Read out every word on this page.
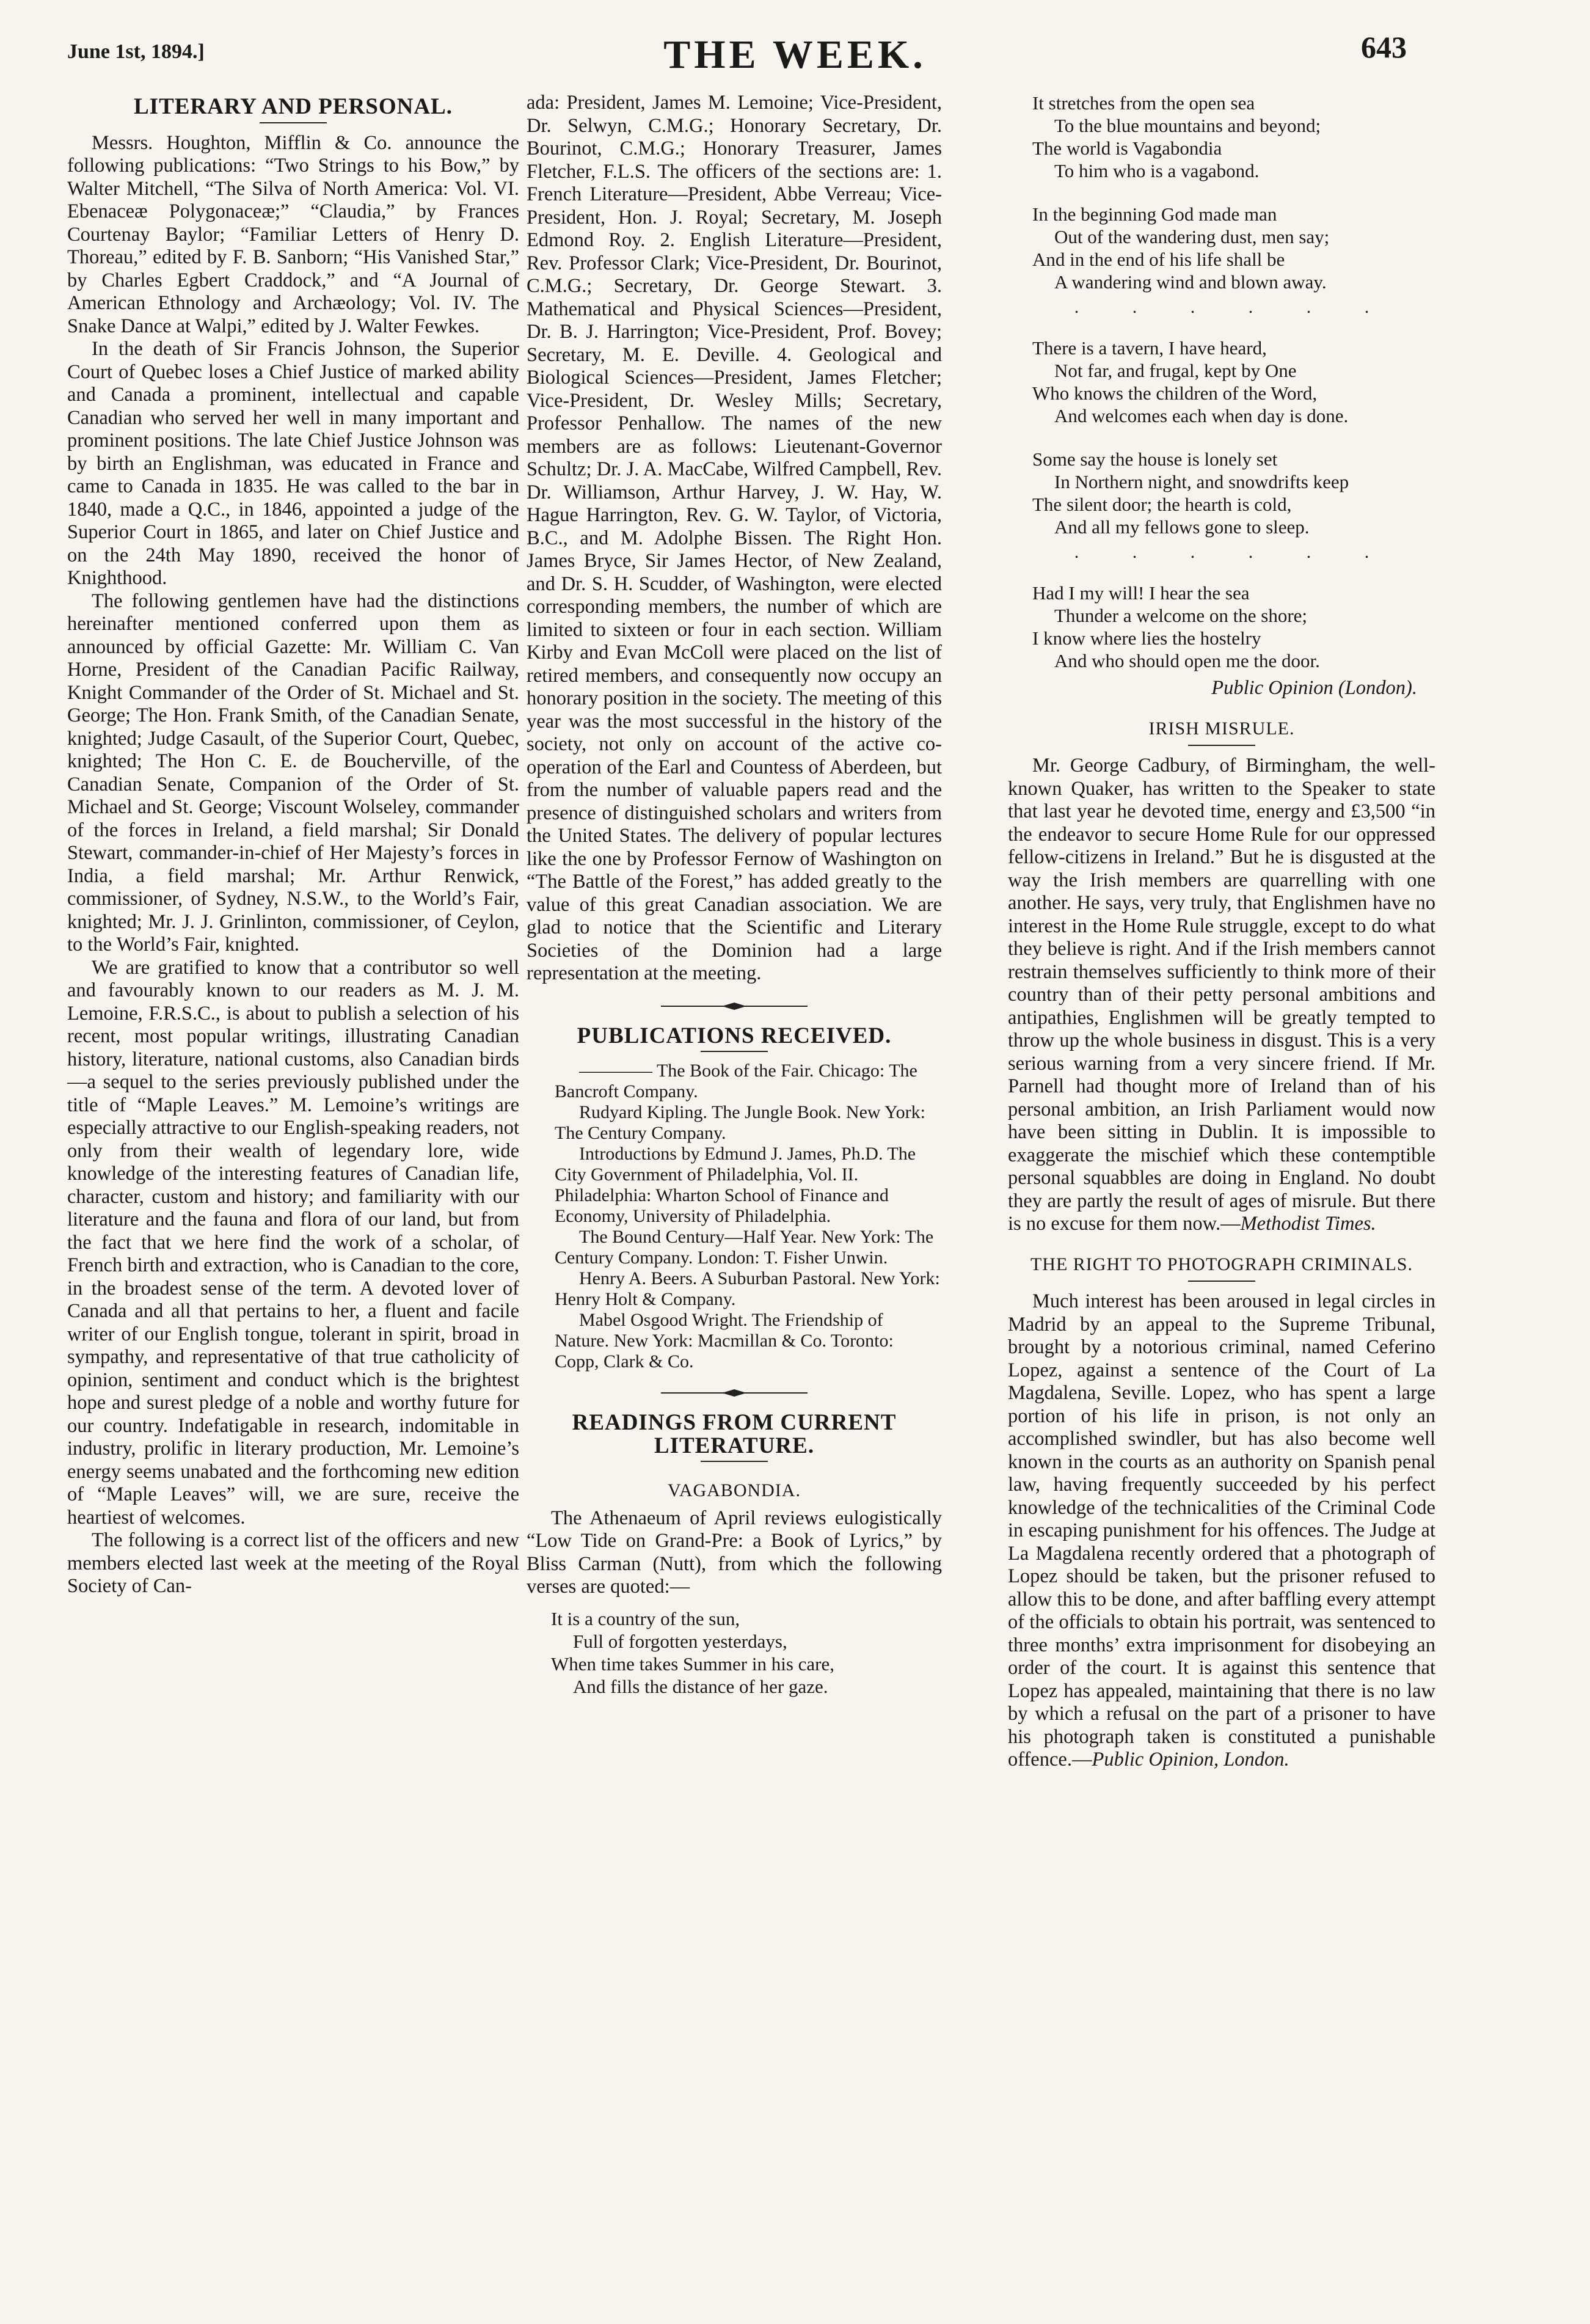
June 1st, 1894.]	THE WEEK.	643
LITERARY AND PERSONAL.

Messrs. Houghton, Mifflin & Co. announce the following publications: “Two Strings to his Bow,” by Walter Mitchell, “The Silva of North America: Vol. VI. Ebenaceæ Polygonaceæ;” “Claudia,” by Frances Courtenay Baylor; “Familiar Letters of Henry D. Thoreau,” edited by F. B. Sanborn; “His Vanished Star,” by Charles Egbert Craddock,” and “A Journal of American Ethnology and Archæology; Vol. IV. The Snake Dance at Walpi,” edited by J. Walter Fewkes.

In the death of Sir Francis Johnson, the Superior Court of Quebec loses a Chief Justice of marked ability and Canada a prominent, intellectual and capable Canadian who served her well in many important and prominent positions. The late Chief Justice Johnson was by birth an Englishman, was educated in France and came to Canada in 1835. He was called to the bar in 1840, made a Q.C., in 1846, appointed a judge of the Superior Court in 1865, and later on Chief Justice and on the 24th May 1890, received the honor of Knighthood.

The following gentlemen have had the distinctions hereinafter mentioned conferred upon them as announced by official Gazette: Mr. William C. Van Horne, President of the Canadian Pacific Railway, Knight Commander of the Order of St. Michael and St. George; The Hon. Frank Smith, of the Canadian Senate, knighted; Judge Casault, of the Superior Court, Quebec, knighted; The Hon C. E. de Boucherville, of the Canadian Senate, Companion of the Order of St. Michael and St. George; Viscount Wolseley, commander of the forces in Ireland, a field marshal; Sir Donald Stewart, commander-in-chief of Her Majesty’s forces in India, a field marshal; Mr. Arthur Renwick, commissioner, of Sydney, N.S.W., to the World’s Fair, knighted; Mr. J. J. Grinlinton, commissioner, of Ceylon, to the World’s Fair, knighted.

We are gratified to know that a contributor so well and favourably known to our readers as M. J. M. Lemoine, F.R.S.C., is about to publish a selection of his recent, most popular writings, illustrating Canadian history, literature, national customs, also Canadian birds—a sequel to the series previously published under the title of “Maple Leaves.” M. Lemoine’s writings are especially attractive to our English-speaking readers, not only from their wealth of legendary lore, wide knowledge of the interesting features of Canadian life, character, custom and history; and familiarity with our literature and the fauna and flora of our land, but from the fact that we here find the work of a scholar, of French birth and extraction, who is Canadian to the core, in the broadest sense of the term. A devoted lover of Canada and all that pertains to her, a fluent and facile writer of our English tongue, tolerant in spirit, broad in sympathy, and representative of that true catholicity of opinion, sentiment and conduct which is the brightest hope and surest pledge of a noble and worthy future for our country. Indefatigable in research, indomitable in industry, prolific in literary production, Mr. Lemoine’s energy seems unabated and the forthcoming new edition of “Maple Leaves” will, we are sure, receive the heartiest of welcomes.

The following is a correct list of the officers and new members elected last week at the meeting of the Royal Society of Can-

ada: President, James M. Lemoine; Vice-President, Dr. Selwyn, C.M.G.; Honorary Secretary, Dr. Bourinot, C.M.G.; Honorary Treasurer, James Fletcher, F.L.S. The officers of the sections are: 1. French Literature—President, Abbe Verreau; Vice-President, Hon. J. Royal; Secretary, M. Joseph Edmond Roy. 2. English Literature—President, Rev. Professor Clark; Vice-President, Dr. Bourinot, C.M.G.; Secretary, Dr. George Stewart. 3. Mathematical and Physical Sciences—President, Dr. B. J. Harrington; Vice-President, Prof. Bovey; Secretary, M. E. Deville. 4. Geological and Biological Sciences—President, James Fletcher; Vice-President, Dr. Wesley Mills; Secretary, Professor Penhallow. The names of the new members are as follows: Lieutenant-Governor Schultz; Dr. J. A. MacCabe, Wilfred Campbell, Rev. Dr. Williamson, Arthur Harvey, J. W. Hay, W. Hague Harrington, Rev. G. W. Taylor, of Victoria, B.C., and M. Adolphe Bissen. The Right Hon. James Bryce, Sir James Hector, of New Zealand, and Dr. S. H. Scudder, of Washington, were elected corresponding members, the number of which are limited to sixteen or four in each section. William Kirby and Evan McColl were placed on the list of retired members, and consequently now occupy an honorary position in the society. The meeting of this year was the most successful in the history of the society, not only on account of the active co-operation of the Earl and Countess of Aberdeen, but from the number of valuable papers read and the presence of distinguished scholars and writers from the United States. The delivery of popular lectures like the one by Professor Fernow of Washington on “The Battle of the Forest,” has added greatly to the value of this great Canadian association. We are glad to notice that the Scientific and Literary Societies of the Dominion had a large representation at the meeting.

PUBLICATIONS RECEIVED.

———— The Book of the Fair. Chicago: The Bancroft Company.

Rudyard Kipling. The Jungle Book. New York: The Century Company.

Introductions by Edmund J. James, Ph.D. The City Government of Philadelphia, Vol. II. Philadelphia: Wharton School of Finance and Economy, University of Philadelphia.

The Bound Century—Half Year. New York: The Century Company. London: T. Fisher Unwin.

Henry A. Beers. A Suburban Pastoral. New York: Henry Holt & Company.

Mabel Osgood Wright. The Friendship of Nature. New York: Macmillan & Co. Toronto: Copp, Clark & Co.

READINGS FROM CURRENT LITERATURE.
VAGABONDIA.

The Athenaeum of April reviews eulogistically “Low Tide on Grand-Pre: a Book of Lyrics,” by Bliss Carman (Nutt), from which the following verses are quoted:—

It is a country of the sun,
Full of forgotten yesterdays,
When time takes Summer in his care,
And fills the distance of her gaze.
It stretches from the open sea
To the blue mountains and beyond;
The world is Vagabondia
To him who is a vagabond.
In the beginning God made man
Out of the wandering dust, men say;
And in the end of his life shall be
A wandering wind and blown away.
. . . . . .
There is a tavern, I have heard,
Not far, and frugal, kept by One
Who knows the children of the Word,
And welcomes each when day is done.
Some say the house is lonely set
In Northern night, and snowdrifts keep
The silent door; the hearth is cold,
And all my fellows gone to sleep.
. . . . . .
Had I my will! I hear the sea
Thunder a welcome on the shore;
I know where lies the hostelry
And who should open me the door.
Public Opinion (London).
IRISH MISRULE.

Mr. George Cadbury, of Birmingham, the well-known Quaker, has written to the Speaker to state that last year he devoted time, energy and £3,500 “in the endeavor to secure Home Rule for our oppressed fellow-citizens in Ireland.” But he is disgusted at the way the Irish members are quarrelling with one another. He says, very truly, that Englishmen have no interest in the Home Rule struggle, except to do what they believe is right. And if the Irish members cannot restrain themselves sufficiently to think more of their country than of their petty personal ambitions and antipathies, Englishmen will be greatly tempted to throw up the whole business in disgust. This is a very serious warning from a very sincere friend. If Mr. Parnell had thought more of Ireland than of his personal ambition, an Irish Parliament would now have been sitting in Dublin. It is impossible to exaggerate the mischief which these contemptible personal squabbles are doing in England. No doubt they are partly the result of ages of misrule. But there is no excuse for them now.—Methodist Times.

THE RIGHT TO PHOTOGRAPH CRIMINALS.

Much interest has been aroused in legal circles in Madrid by an appeal to the Supreme Tribunal, brought by a notorious criminal, named Ceferino Lopez, against a sentence of the Court of La Magdalena, Seville. Lopez, who has spent a large portion of his life in prison, is not only an accomplished swindler, but has also become well known in the courts as an authority on Spanish penal law, having frequently succeeded by his perfect knowledge of the technicalities of the Criminal Code in escaping punishment for his offences. The Judge at La Magdalena recently ordered that a photograph of Lopez should be taken, but the prisoner refused to allow this to be done, and after baffling every attempt of the officials to obtain his portrait, was sentenced to three months’ extra imprisonment for disobeying an order of the court. It is against this sentence that Lopez has appealed, maintaining that there is no law by which a refusal on the part of a prisoner to have his photograph taken is constituted a punishable offence.—Public Opinion, London.
